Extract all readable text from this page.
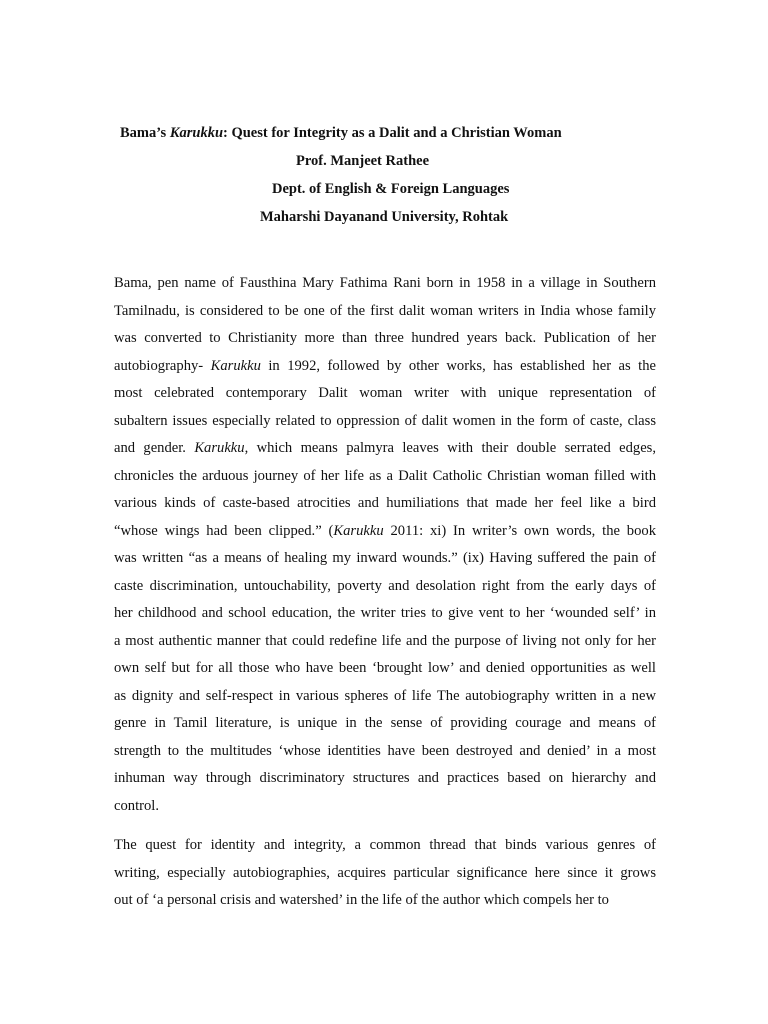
Bama’s Karukku: Quest for Integrity as a Dalit and a Christian Woman
Prof. Manjeet Rathee
Dept. of English & Foreign Languages
Maharshi Dayanand University, Rohtak
Bama, pen name of Fausthina Mary Fathima Rani born in 1958 in a village in Southern
Tamilnadu, is considered to be one of the first dalit woman writers in India whose family
was converted to Christianity more than three hundred years back. Publication of her
autobiography- Karukku in 1992, followed by other works, has established her as the
most celebrated contemporary Dalit woman writer with unique representation of
subaltern issues especially related to oppression of dalit women in the form of caste, class
and gender. Karukku, which means palmyra leaves with their double serrated edges,
chronicles the arduous journey of her life as a Dalit Catholic Christian woman filled with
various kinds of caste-based atrocities and humiliations that made her feel like a bird
“whose wings had been clipped.” (Karukku 2011: xi) In writer’s own words, the book
was written “as a means of healing my inward wounds.” (ix) Having suffered the pain of
caste discrimination, untouchability, poverty and desolation right from the early days of
her childhood and school education, the writer tries to give vent to her ‘wounded self’ in
a most authentic manner that could redefine life and the purpose of living not only for her
own self but for all those who have been ‘brought low’ and denied opportunities as well
as dignity and self-respect in various spheres of life The autobiography written in a new
genre in Tamil literature, is unique in the sense of providing courage and means of
strength to the multitudes ‘whose identities have been destroyed and denied’ in a most
inhuman way through discriminatory structures and practices based on hierarchy and
control.
The quest for identity and integrity, a common thread that binds various genres of
writing, especially autobiographies, acquires particular significance here since it grows
out of ‘a personal crisis and watershed’ in the life of the author which compels her to
